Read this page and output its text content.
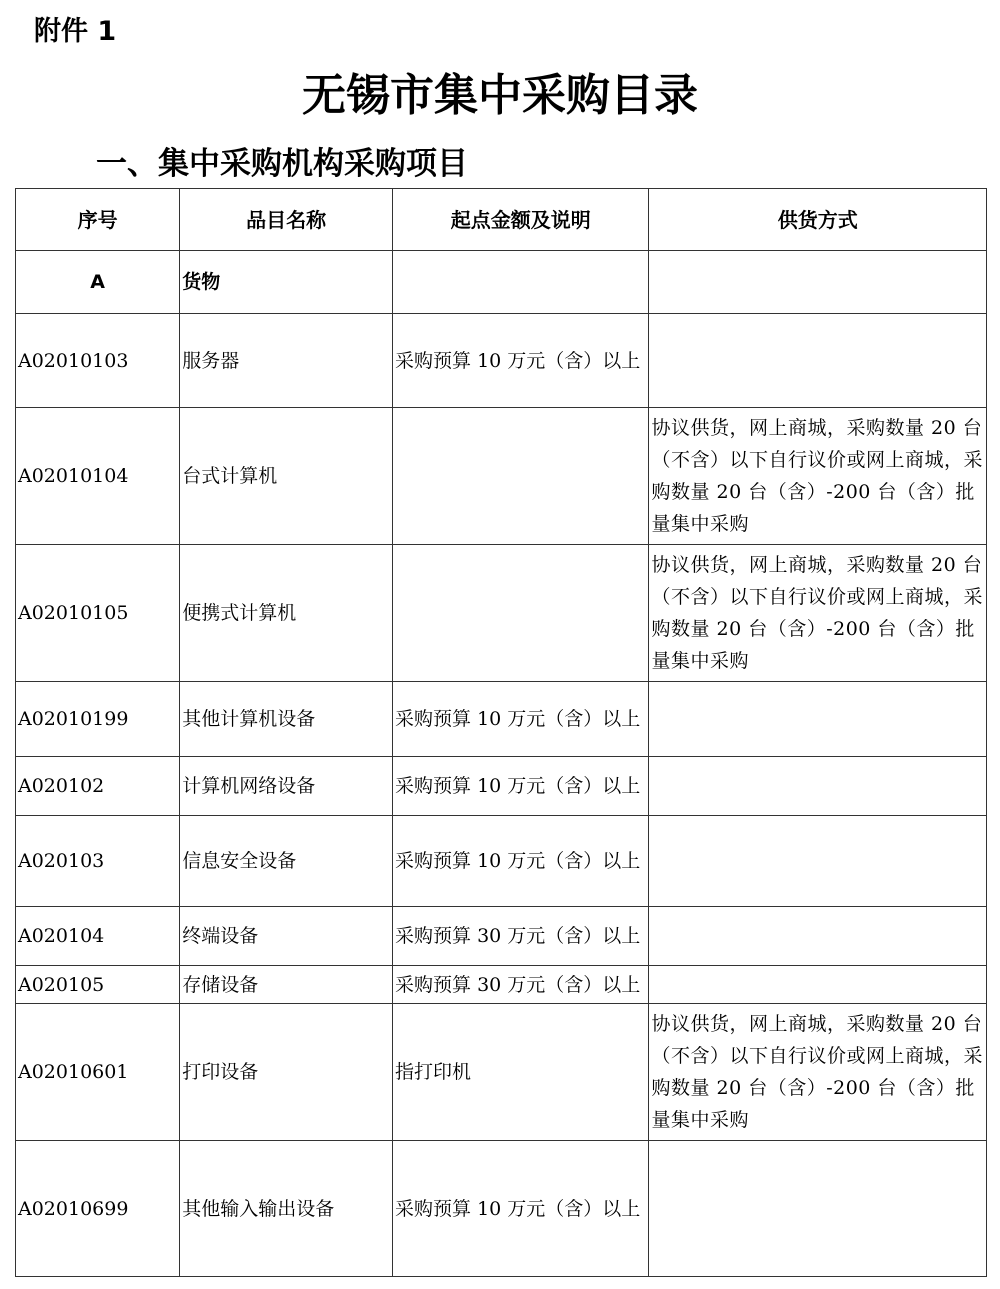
附件 1
无锡市集中采购目录
一、集中采购机构采购项目
序号	品目名称	起点金额及说明	供货方式
A	货物		
A02010103	服务器	采购预算 10 万元（含）以上	
A02010104	台式计算机		协议供货，网上商城，采购数量 20 台（不含）以下自行议价或网上商城，采购数量 20 台（含）-200 台（含）批量集中采购
A02010105	便携式计算机		协议供货，网上商城，采购数量 20 台（不含）以下自行议价或网上商城，采购数量 20 台（含）-200 台（含）批量集中采购
A02010199	其他计算机设备	采购预算 10 万元（含）以上	
A020102	计算机网络设备	采购预算 10 万元（含）以上	
A020103	信息安全设备	采购预算 10 万元（含）以上	
A020104	终端设备	采购预算 30 万元（含）以上	
A020105	存储设备	采购预算 30 万元（含）以上	
A02010601	打印设备	指打印机	协议供货，网上商城，采购数量 20 台（不含）以下自行议价或网上商城，采购数量 20 台（含）-200 台（含）批量集中采购
A02010699	其他输入输出设备	采购预算 10 万元（含）以上	
